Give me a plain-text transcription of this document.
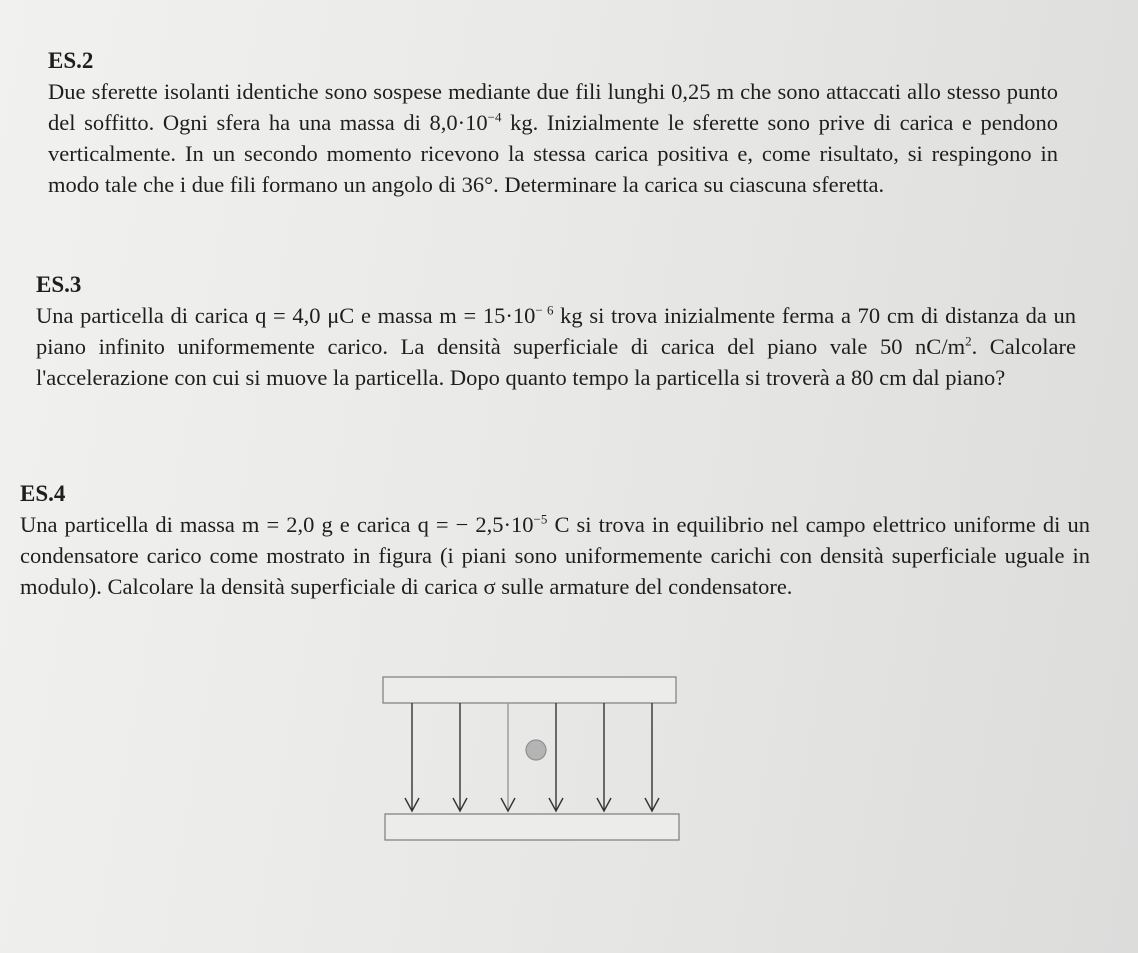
ES.2

Due sferette isolanti identiche sono sospese mediante due fili lunghi 0,25 m che sono attaccati allo stesso punto del soffitto. Ogni sfera ha una massa di $8,0\cdot 10^{-4}$ kg. Inizialmente le sferette sono prive di carica e pendono verticalmente. In un secondo momento ricevono la stessa carica positiva e, come risultato, si respingono in modo tale che i due fili formano un angolo di 36°. Determinare la carica su ciascuna sferetta.

ES.3

Una particella di carica q = 4,0 μC e massa $m = 15\cdot 10^{- 6}$ kg si trova inizialmente ferma a 70 cm di distanza da un piano infinito uniformemente carico. La densità superficiale di carica del piano vale 50 $nC/m^2$. Calcolare l'accelerazione con cui si muove la particella. Dopo quanto tempo la particella si troverà a 80 cm dal piano?

ES.4

Una particella di massa m = 2,0 g e carica q = − $2,5\cdot 10^{-5}$ C si trova in equilibrio nel campo elettrico uniforme di un condensatore carico come mostrato in figura (i piani sono uniformemente carichi con densità superficiale uguale in modulo). Calcolare la densità superficiale di carica σ sulle armature del condensatore.
